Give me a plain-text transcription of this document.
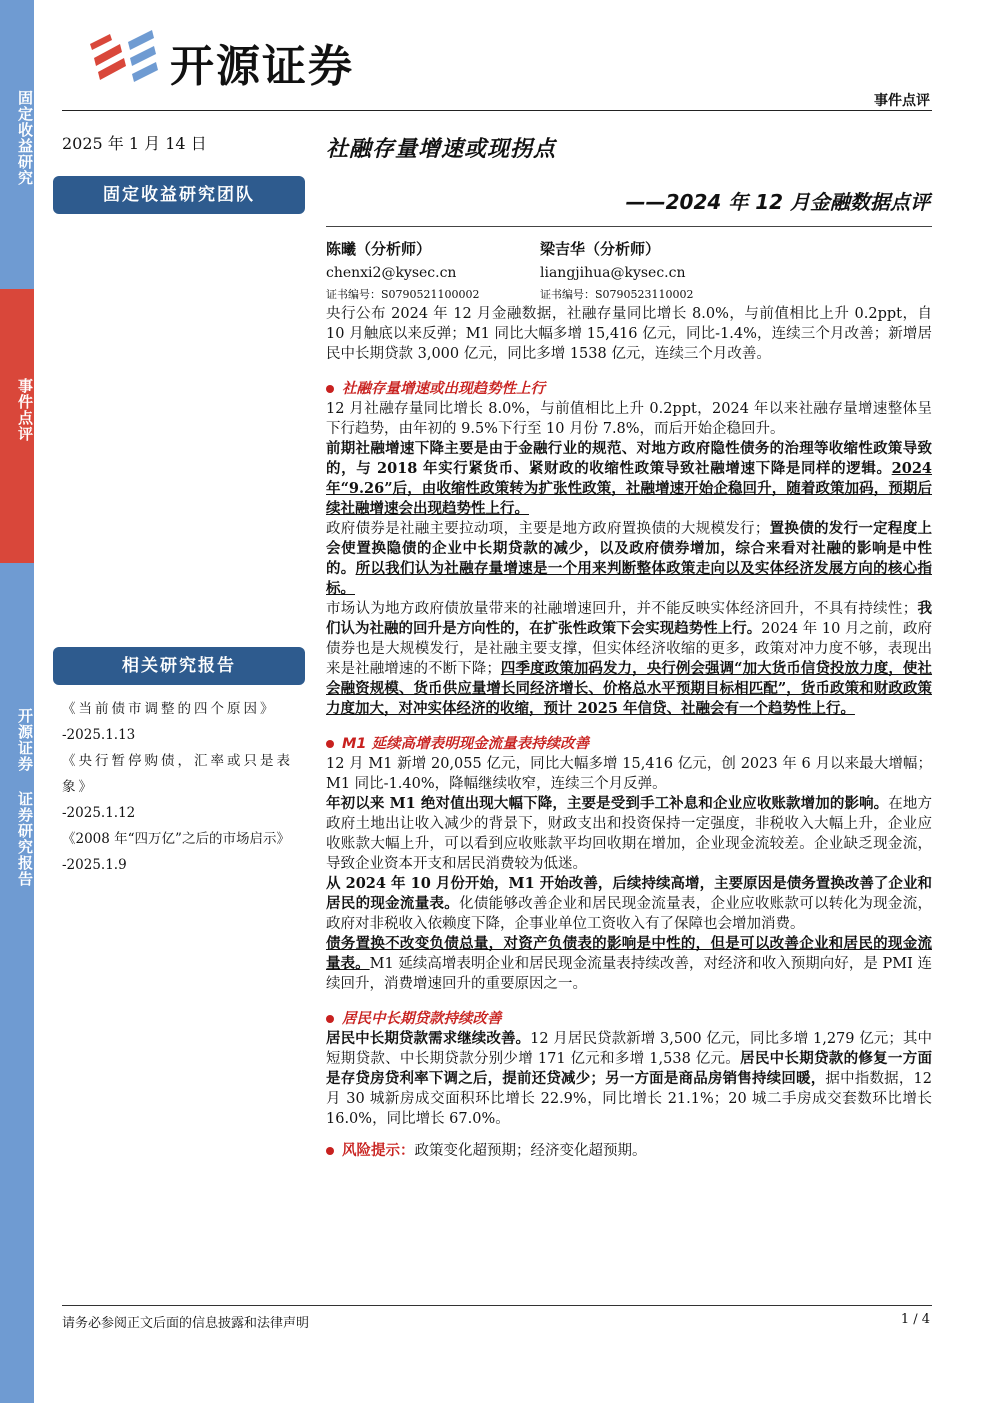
固定收益研究
事件点评
开源证券 证券研究报告
开源证券
事件点评
2025 年 1 月 14 日	社融存量增速或现拐点
——2024 年 12 月金融数据点评
固定收益研究团队
相关研究报告
《当前债市调整的四个原因》
-2025.1.13
《央行暂停购债，汇率或只是表象》
-2025.1.12
《2008 年“四万亿”之后的市场启示》
-2025.1.9
陈曦（分析师）
chenxi2@kysec.cn
证书编号：S0790521100002
梁吉华（分析师）
liangjihua@kysec.cn
证书编号：S0790523110002

央行公布 2024 年 12 月金融数据，社融存量同比增长 8.0%，与前值相比上升 0.2ppt，自 10 月触底以来反弹；M1 同比大幅多增 15,416 亿元，同比-1.4%，连续三个月改善；新增居民中长期贷款 3,000 亿元，同比多增 1538 亿元，连续三个月改善。

社融存量增速或出现趋势性上行

12 月社融存量同比增长 8.0%，与前值相比上升 0.2ppt，2024 年以来社融存量增速整体呈下行趋势，由年初的 9.5%下行至 10 月份 7.8%，而后开始企稳回升。

前期社融增速下降主要是由于金融行业的规范、对地方政府隐性债务的治理等收缩性政策导致的，与 2018 年实行紧货币、紧财政的收缩性政策导致社融增速下降是同样的逻辑。2024 年“9.26”后，由收缩性政策转为扩张性政策，社融增速开始企稳回升，随着政策加码，预期后续社融增速会出现趋势性上行。

政府债券是社融主要拉动项，主要是地方政府置换债的大规模发行；置换债的发行一定程度上会使置换隐债的企业中长期贷款的减少，以及政府债券增加，综合来看对社融的影响是中性的。所以我们认为社融存量增速是一个用来判断整体政策走向以及实体经济发展方向的核心指标。

市场认为地方政府债放量带来的社融增速回升，并不能反映实体经济回升，不具有持续性；我们认为社融的回升是方向性的，在扩张性政策下会实现趋势性上行。2024 年 10 月之前，政府债券也是大规模发行，是社融主要支撑，但实体经济收缩的更多，政策对冲力度不够，表现出来是社融增速的不断下降；四季度政策加码发力，央行例会强调“加大货币信贷投放力度，使社会融资规模、货币供应量增长同经济增长、价格总水平预期目标相匹配”，货币政策和财政政策力度加大，对冲实体经济的收缩，预计 2025 年信贷、社融会有一个趋势性上行。

M1 延续高增表明现金流量表持续改善

12 月 M1 新增 20,055 亿元，同比大幅多增 15,416 亿元，创 2023 年 6 月以来最大增幅；M1 同比-1.40%，降幅继续收窄，连续三个月反弹。

年初以来 M1 绝对值出现大幅下降，主要是受到手工补息和企业应收账款增加的影响。在地方政府土地出让收入减少的背景下，财政支出和投资保持一定强度，非税收入大幅上升，企业应收账款大幅上升，可以看到应收账款平均回收期在增加，企业现金流较差。企业缺乏现金流，导致企业资本开支和居民消费较为低迷。

从 2024 年 10 月份开始，M1 开始改善，后续持续高增，主要原因是债务置换改善了企业和居民的现金流量表。化债能够改善企业和居民现金流量表，企业应收账款可以转化为现金流，政府对非税收入依赖度下降，企事业单位工资收入有了保障也会增加消费。

债务置换不改变负债总量，对资产负债表的影响是中性的，但是可以改善企业和居民的现金流量表。M1 延续高增表明企业和居民现金流量表持续改善，对经济和收入预期向好，是 PMI 连续回升，消费增速回升的重要原因之一。

居民中长期贷款持续改善

居民中长期贷款需求继续改善。12 月居民贷款新增 3,500 亿元，同比多增 1,279 亿元；其中短期贷款、中长期贷款分别少增 171 亿元和多增 1,538 亿元。居民中长期贷款的修复一方面是存贷房贷利率下调之后，提前还贷减少；另一方面是商品房销售持续回暖，据中指数据，12 月 30 城新房成交面积环比增长 22.9%，同比增长 21.1%；20 城二手房成交套数环比增长 16.0%，同比增长 67.0%。

风险提示：政策变化超预期；经济变化超预期。

请务必参阅正文后面的信息披露和法律声明	1 / 4
